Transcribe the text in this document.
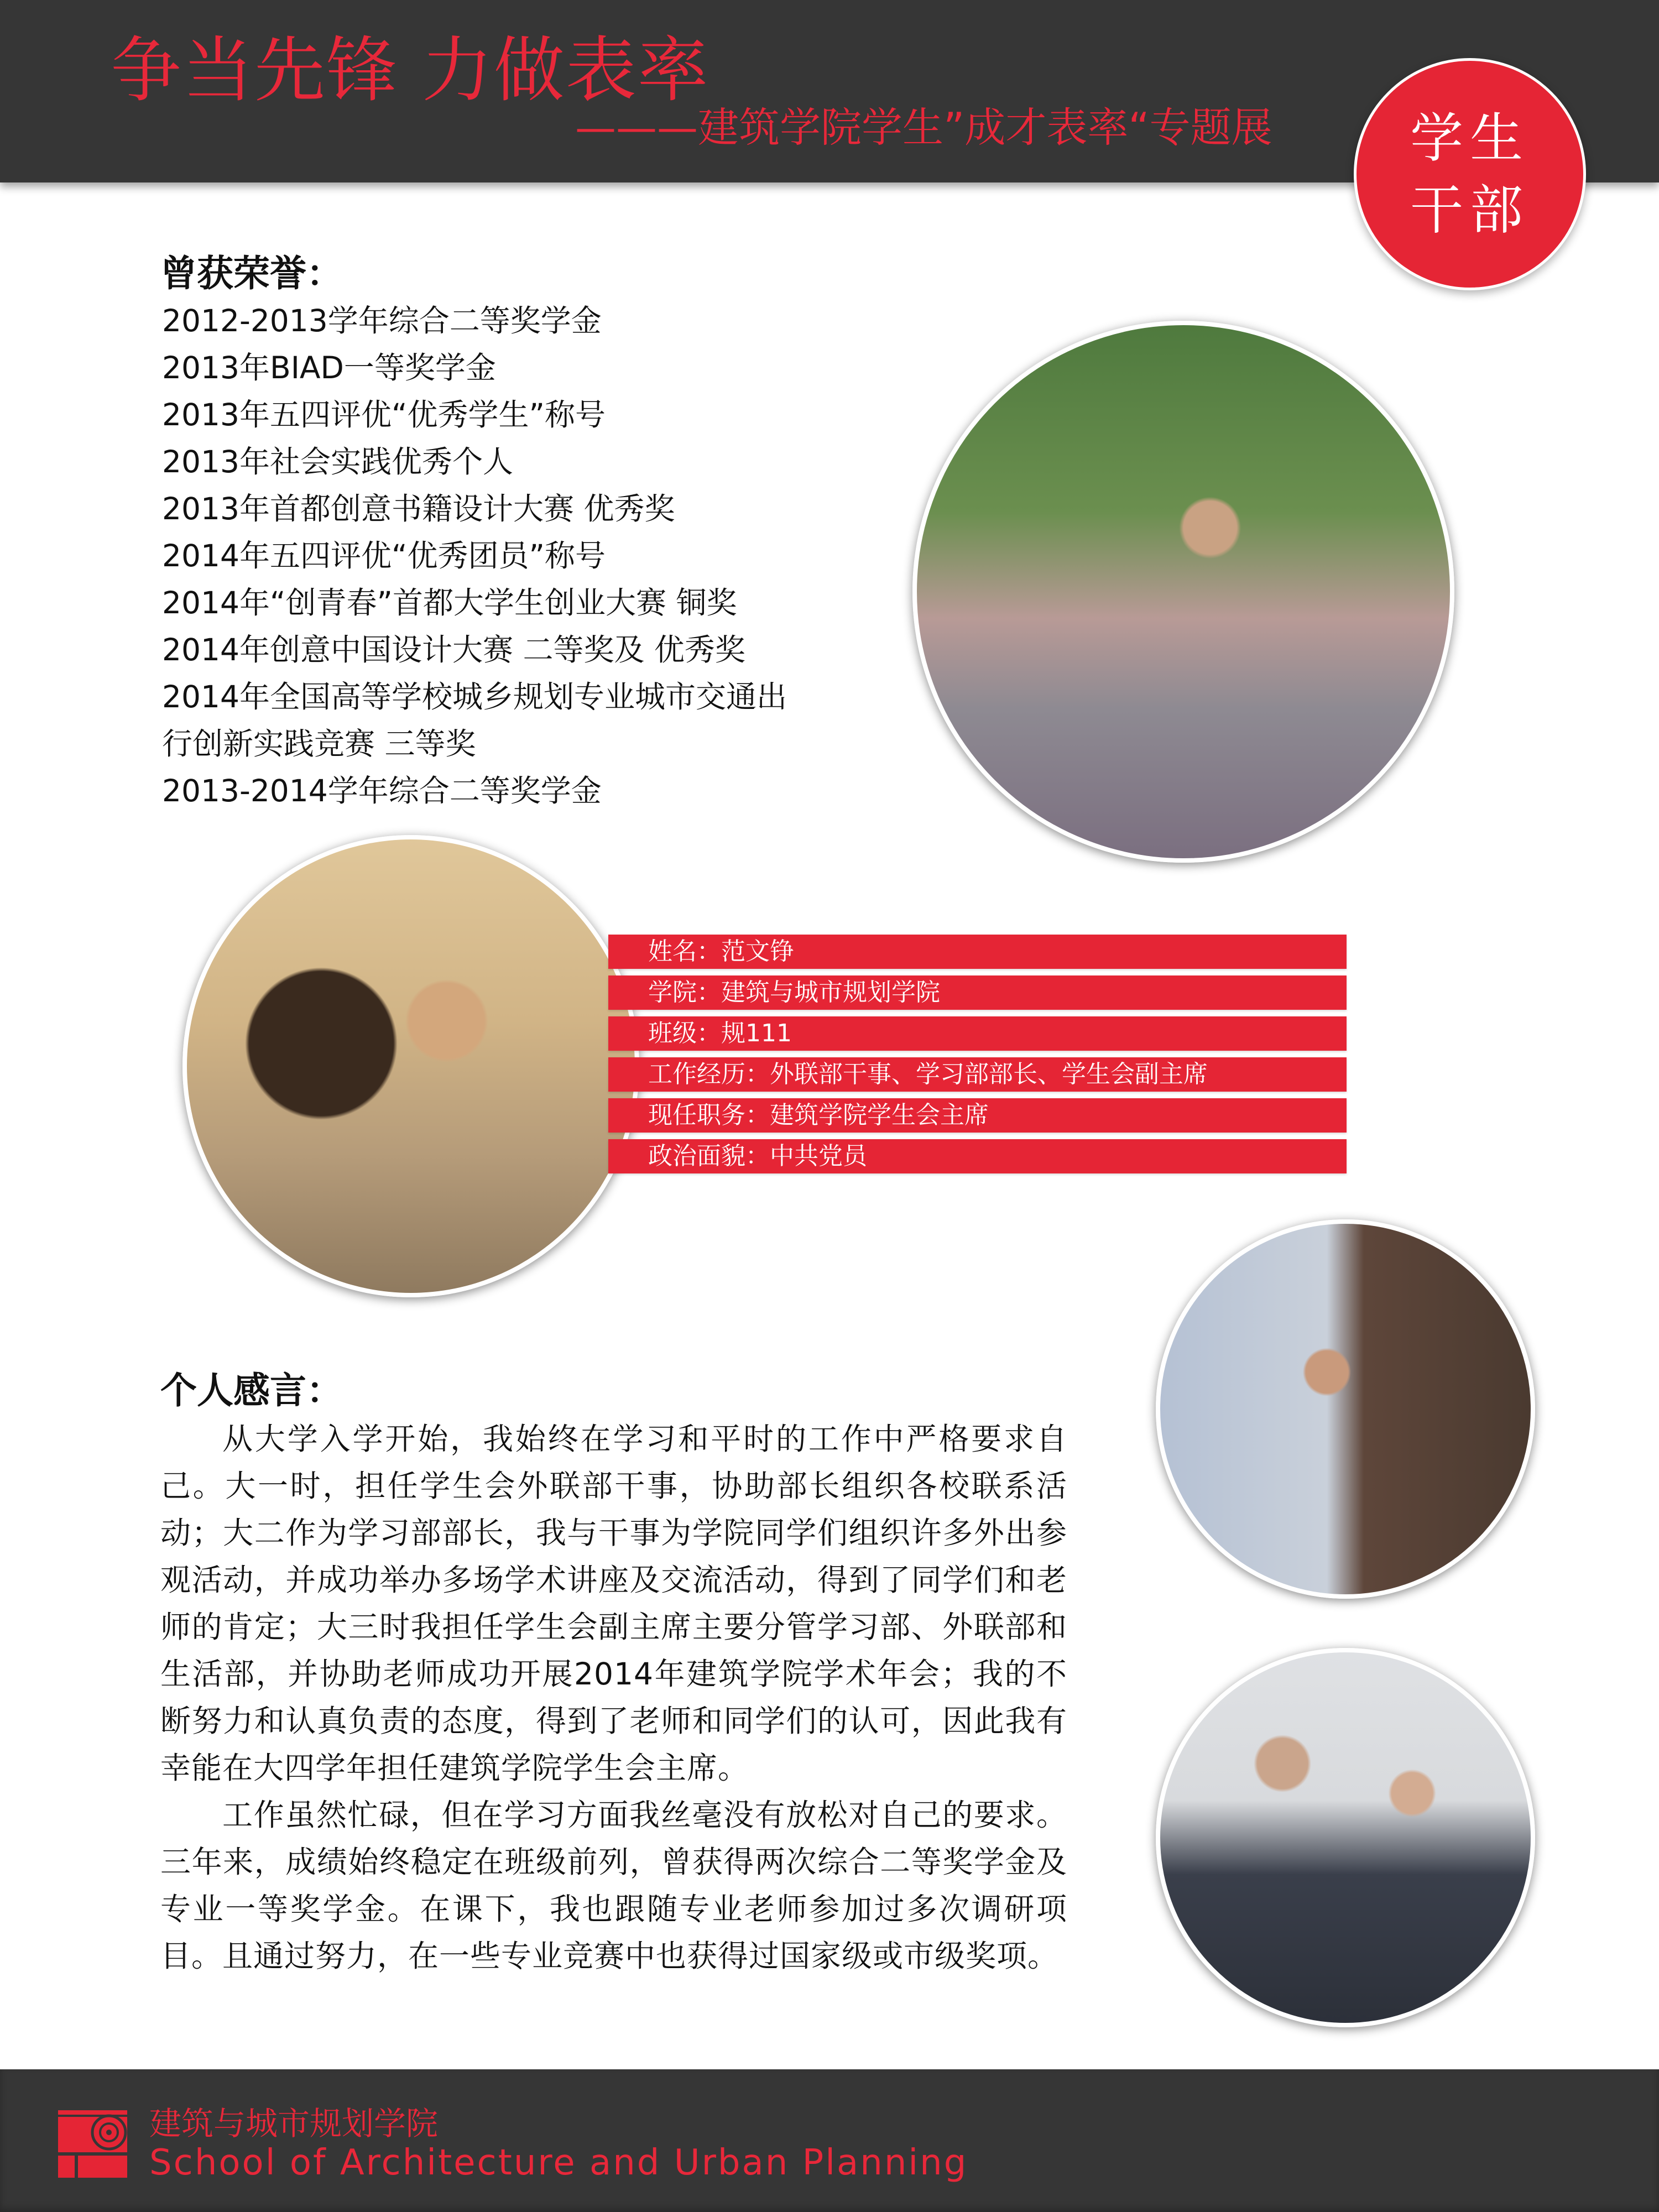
争当先锋 力做表率
———建筑学院学生”成才表率“专题展	学生
干部
曾获荣誉：
2012-2013学年综合二等奖学金
2013年BIAD一等奖学金
2013年五四评优“优秀学生”称号
2013年社会实践优秀个人
2013年首都创意书籍设计大赛 优秀奖
2014年五四评优“优秀团员”称号
2014年“创青春”首都大学生创业大赛 铜奖
2014年创意中国设计大赛 二等奖及 优秀奖
2014年全国高等学校城乡规划专业城市交通出
行创新实践竞赛 三等奖
2013-2014学年综合二等奖学金
姓名：范文铮
学院：建筑与城市规划学院
班级：规111
工作经历：外联部干事、学习部部长、学生会副主席
现任职务：建筑学院学生会主席
政治面貌：中共党员
个人感言：

从大学入学开始，我始终在学习和平时的工作中严格要求自己。大一时，担任学生会外联部干事，协助部长组织各校联系活动；大二作为学习部部长，我与干事为学院同学们组织许多外出参观活动，并成功举办多场学术讲座及交流活动，得到了同学们和老师的肯定；大三时我担任学生会副主席主要分管学习部、外联部和生活部，并协助老师成功开展2014年建筑学院学术年会；我的不断努力和认真负责的态度，得到了老师和同学们的认可，因此我有幸能在大四学年担任建筑学院学生会主席。

工作虽然忙碌，但在学习方面我丝毫没有放松对自己的要求。三年来，成绩始终稳定在班级前列，曾获得两次综合二等奖学金及专业一等奖学金。在课下，我也跟随专业老师参加过多次调研项目。且通过努力，在一些专业竞赛中也获得过国家级或市级奖项。

建筑与城市规划学院
School of Architecture and Urban Planning
